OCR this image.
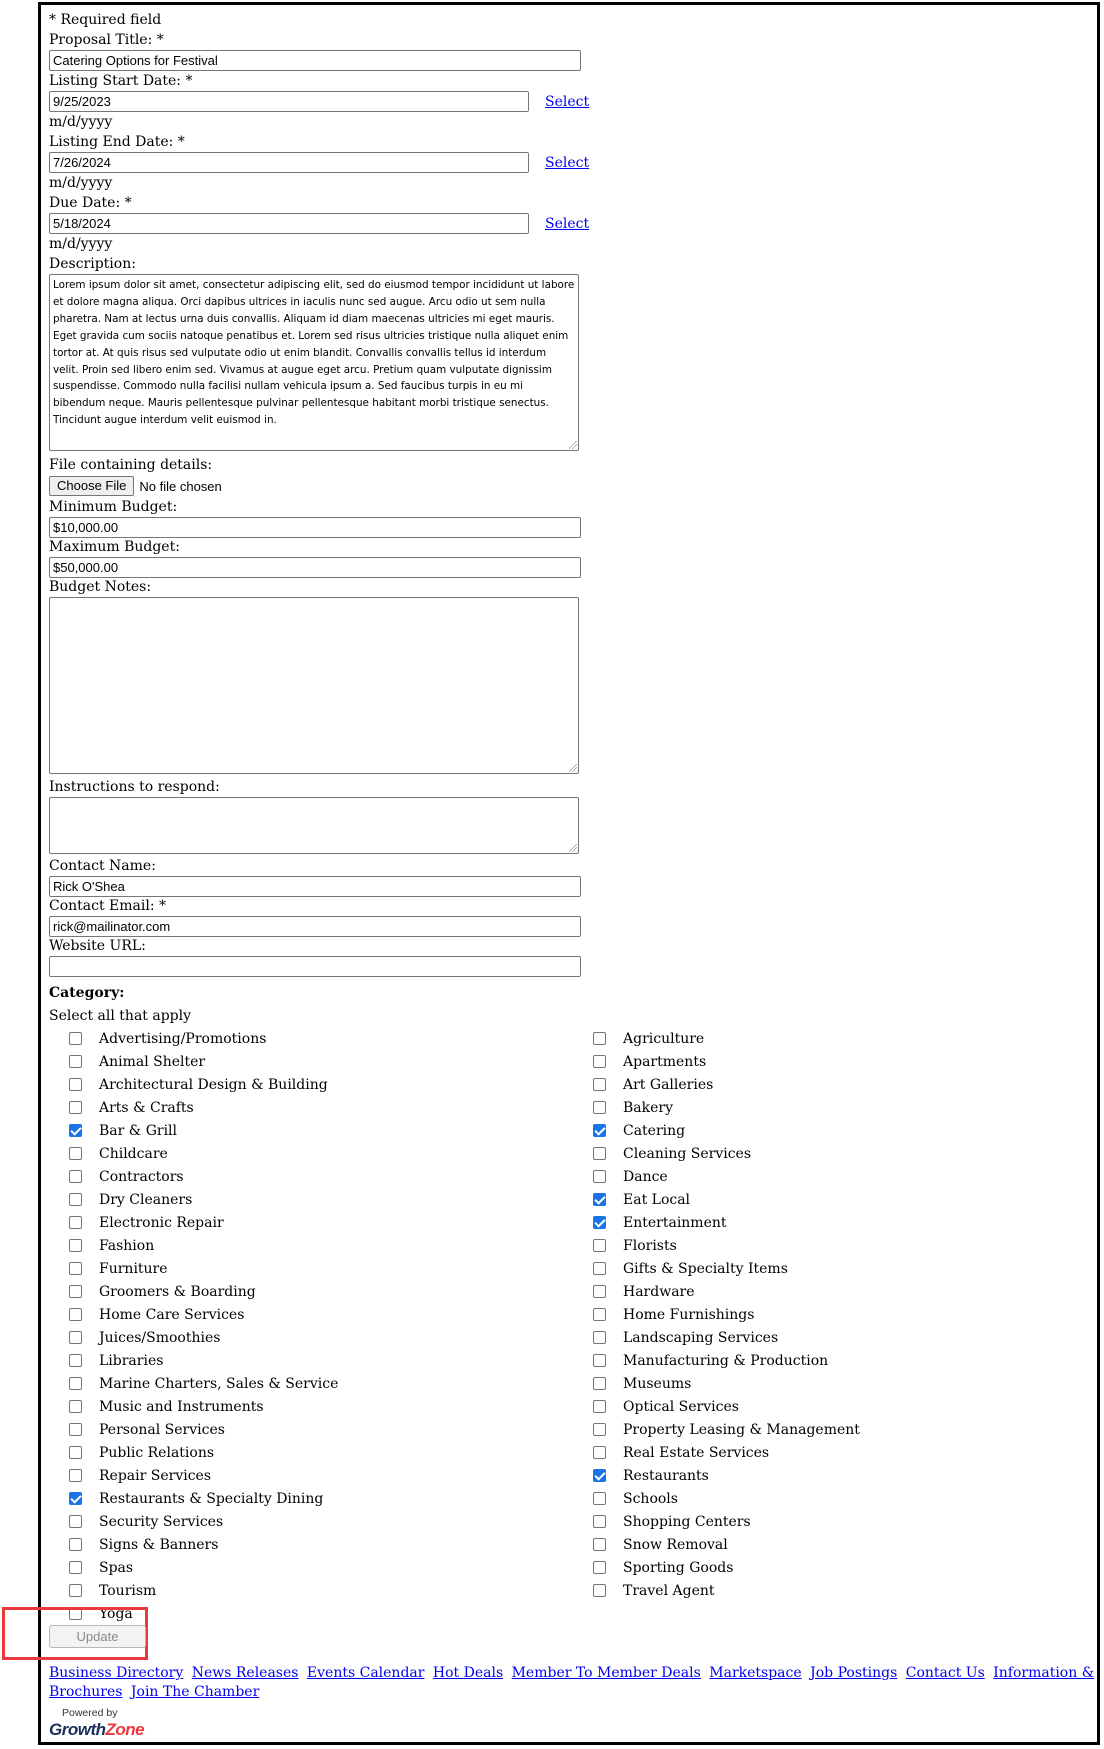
* Required field
Proposal Title: *
Catering Options for Festival
Listing Start Date: *
9/25/2023	Select
m/d/yyyy
Listing End Date: *
7/26/2024	Select
m/d/yyyy
Due Date: *
5/18/2024	Select
m/d/yyyy
Description:
Lorem ipsum dolor sit amet, consectetur adipiscing elit, sed do eiusmod tempor incididunt ut labore et dolore magna aliqua. Orci dapibus ultrices in iaculis nunc sed augue. Arcu odio ut sem nulla pharetra. Nam at lectus urna duis convallis. Aliquam id diam maecenas ultricies mi eget mauris. Eget gravida cum sociis natoque penatibus et. Lorem sed risus ultricies tristique nulla aliquet enim tortor at. At quis risus sed vulputate odio ut enim blandit. Convallis convallis tellus id interdum velit. Proin sed libero enim sed. Vivamus at augue eget arcu. Pretium quam vulputate dignissim suspendisse. Commodo nulla facilisi nullam vehicula ipsum a. Sed faucibus turpis in eu mi bibendum neque. Mauris pellentesque pulvinar pellentesque habitant morbi tristique senectus. Tincidunt augue interdum velit euismod in.
File containing details:
Choose File	No file chosen
Minimum Budget:
$10,000.00
Maximum Budget:
$50,000.00
Budget Notes:
Instructions to respond:
Contact Name:
Rick O'Shea
Contact Email: *
rick@mailinator.com
Website URL:
Category:
Select all that apply
Advertising/Promotions
Animal Shelter
Architectural Design & Building
Arts & Crafts
Bar & Grill
Childcare
Contractors
Dry Cleaners
Electronic Repair
Fashion
Furniture
Groomers & Boarding
Home Care Services
Juices/Smoothies
Libraries
Marine Charters, Sales & Service
Music and Instruments
Personal Services
Public Relations
Repair Services
Restaurants & Specialty Dining
Security Services
Signs & Banners
Spas
Tourism
Yoga
Agriculture
Apartments
Art Galleries
Bakery
Catering
Cleaning Services
Dance
Eat Local
Entertainment
Florists
Gifts & Specialty Items
Hardware
Home Furnishings
Landscaping Services
Manufacturing & Production
Museums
Optical Services
Property Leasing & Management
Real Estate Services
Restaurants
Schools
Shopping Centers
Snow Removal
Sporting Goods
Travel Agent
Update
Business Directory News Releases Events Calendar Hot Deals Member To Member Deals Marketspace Job Postings Contact Us Information & Brochures Join The Chamber
Powered by
GrowthZone
